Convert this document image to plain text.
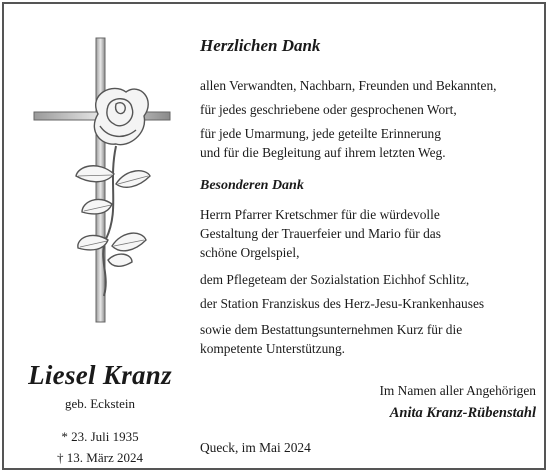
Liesel Kranz
geb. Eckstein
* 23. Juli 1935
† 13. März 2024
Herzlichen Dank
allen Verwandten, Nachbarn, Freunden und Bekannten,
für jedes geschriebene oder gesprochenen Wort,
für jede Umarmung, jede geteilte Erinnerung
und für die Begleitung auf ihrem letzten Weg.
Besonderen Dank
Herrn Pfarrer Kretschmer für die würdevolle
Gestaltung der Trauerfeier und Mario für das
schöne Orgelspiel,
dem Pflegeteam der Sozialstation Eichhof Schlitz,
der Station Franziskus des Herz-Jesu-Krankenhauses
sowie dem Bestattungsunternehmen Kurz für die
kompetente Unterstützung.
Im Namen aller Angehörigen
Anita Kranz-Rübenstahl
Queck, im Mai 2024
